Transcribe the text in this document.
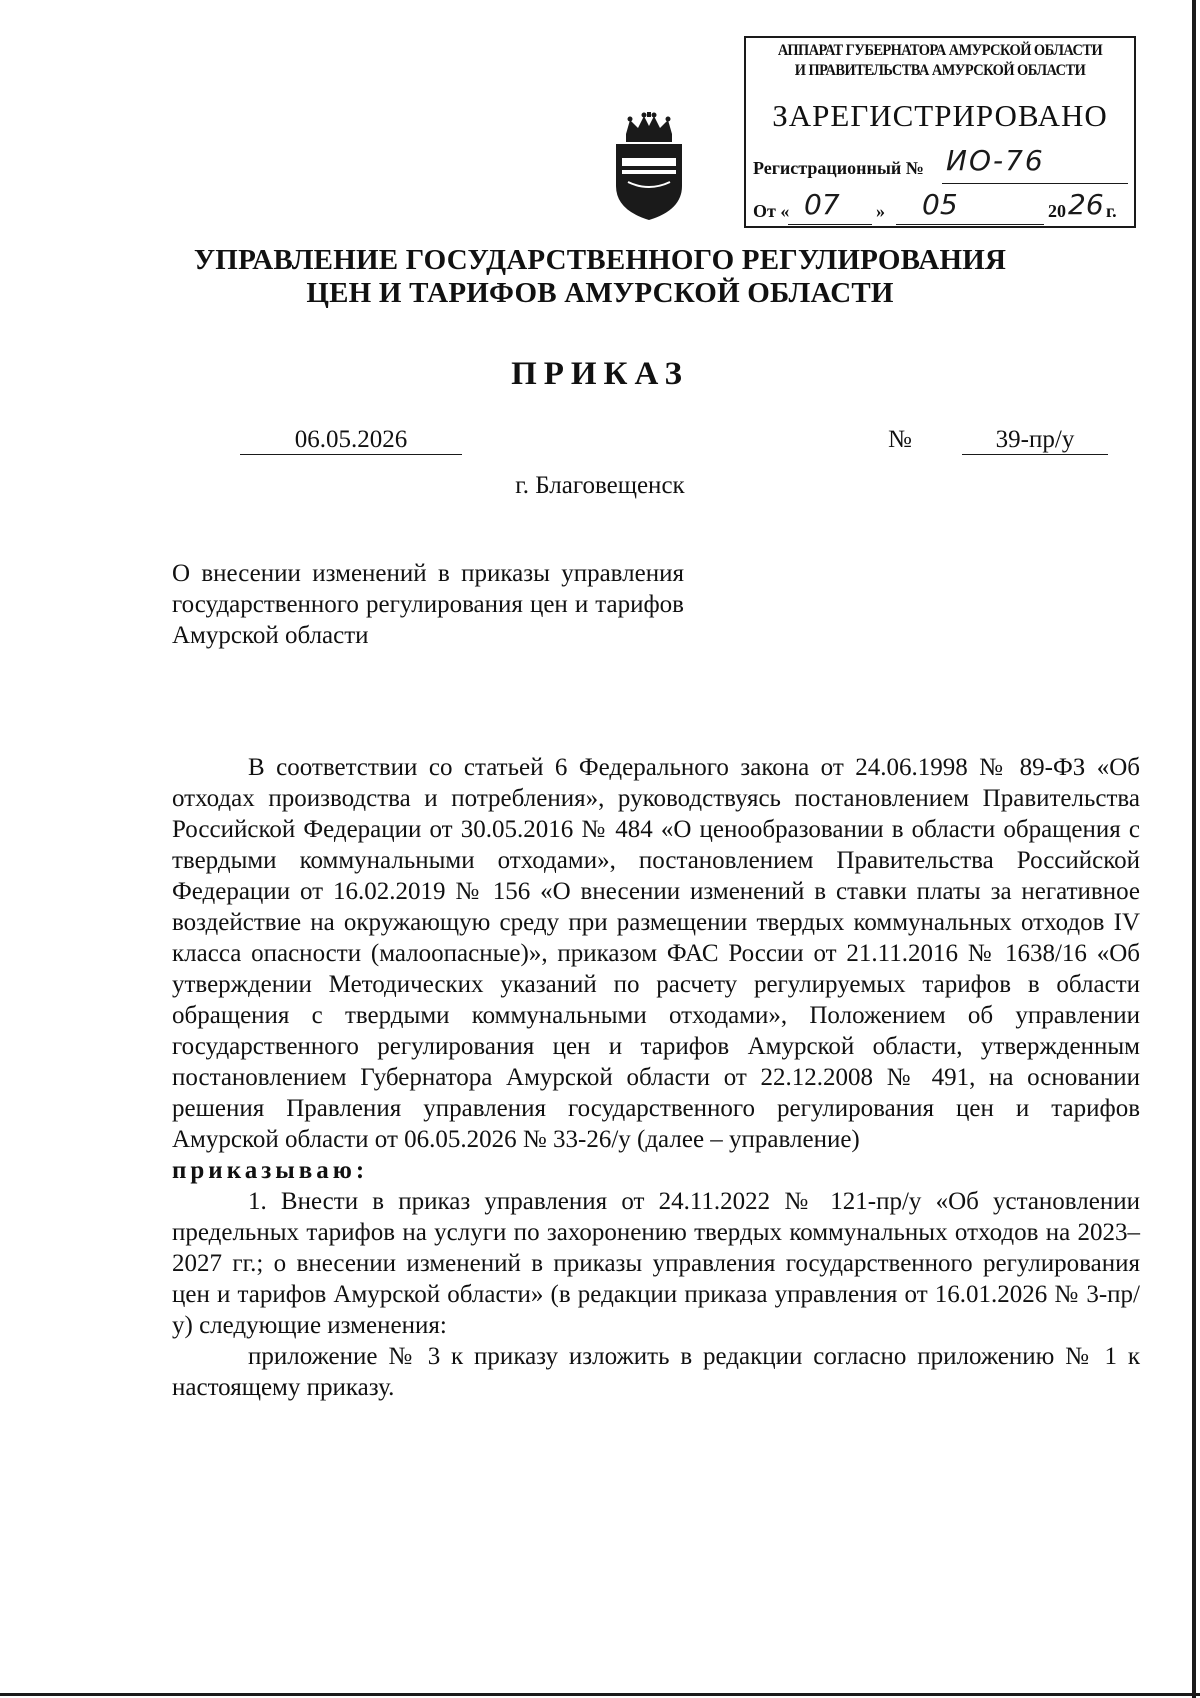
АППАРАТ ГУБЕРНАТОРА АМУРСКОЙ ОБЛАСТИ
И ПРАВИТЕЛЬСТВА АМУРСКОЙ ОБЛАСТИ
ЗАРЕГИСТРИРОВАНО
Регистрационный № ИО-76
От « 07 » 05	20 26 г.
УПРАВЛЕНИЕ ГОСУДАРСТВЕННОГО РЕГУЛИРОВАНИЯ
ЦЕН И ТАРИФОВ АМУРСКОЙ ОБЛАСТИ
ПРИКАЗ
06.05.2026	№	39-пр/у
г. Благовещенск
О внесении изменений в приказы управления государственного регулирования цен и тарифов Амурской области

В соответствии со статьей 6 Федерального закона от 24.06.1998 № 89-ФЗ «Об отходах производства и потребления», руководствуясь постановлением Правительства Российской Федерации от 30.05.2016 № 484 «О ценообразовании в области обращения с твердыми коммунальными отходами», постановлением Правительства Российской Федерации от 16.02.2019 № 156 «О внесении изменений в ставки платы за негативное воздействие на окружающую среду при размещении твердых коммунальных отходов IV класса опасности (малоопасные)», приказом ФАС России от 21.11.2016 № 1638/16 «Об утверждении Методических указаний по расчету регулируемых тарифов в области обращения с твердыми коммунальными отходами», Положением об управлении государственного регулирования цен и тарифов Амурской области, утвержденным постановлением Губернатора Амурской области от 22.12.2008 № 491, на основании решения Правления управления государственного регулирования цен и тарифов Амурской области от 06.05.2026 № 33-26/у (далее – управление)

приказываю:

1. Внести в приказ управления от 24.11.2022 № 121-пр/у «Об установлении предельных тарифов на услуги по захоронению твердых коммунальных отходов на 2023–2027 гг.; о внесении изменений в приказы управления государственного регулирования цен и тарифов Амурской области» (в редакции приказа управления от 16.01.2026 № 3-пр/у) следующие изменения:

приложение № 3 к приказу изложить в редакции согласно приложению № 1 к настоящему приказу.
